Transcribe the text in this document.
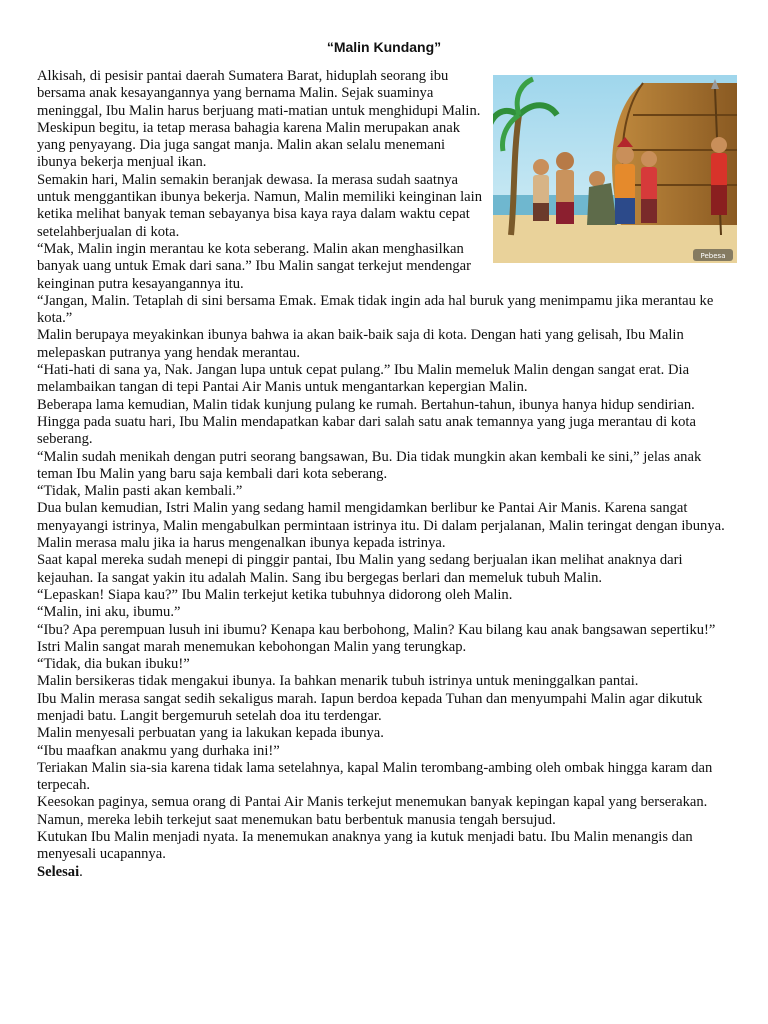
“Malin Kundang”
Pebesa

Alkisah, di pesisir pantai daerah Sumatera Barat, hiduplah seorang ibu bersama anak kesayangannya yang bernama Malin. Sejak suaminya meninggal, Ibu Malin harus berjuang mati-matian untuk menghidupi Malin. Meskipun begitu, ia tetap merasa bahagia karena Malin merupakan anak yang penyayang. Dia juga sangat manja. Malin akan selalu menemani ibunya bekerja menjual ikan.

Semakin hari, Malin semakin beranjak dewasa. Ia merasa sudah saatnya untuk menggantikan ibunya bekerja. Namun, Malin memiliki keinginan lain ketika melihat banyak teman sebayanya bisa kaya raya dalam waktu cepat setelahberjualan di kota.

“Mak, Malin ingin merantau ke kota seberang. Malin akan menghasilkan banyak uang untuk Emak dari sana.” Ibu Malin sangat terkejut mendengar keinginan putra kesayangannya itu.

“Jangan, Malin. Tetaplah di sini bersama Emak. Emak tidak ingin ada hal buruk yang menimpamu jika merantau ke kota.”

Malin berupaya meyakinkan ibunya bahwa ia akan baik-baik saja di kota. Dengan hati yang gelisah, Ibu Malin melepaskan putranya yang hendak merantau.

“Hati-hati di sana ya, Nak. Jangan lupa untuk cepat pulang.” Ibu Malin memeluk Malin dengan sangat erat. Dia melambaikan tangan di tepi Pantai Air Manis untuk mengantarkan kepergian Malin.

Beberapa lama kemudian, Malin tidak kunjung pulang ke rumah. Bertahun-tahun, ibunya hanya hidup sendirian. Hingga pada suatu hari, Ibu Malin mendapatkan kabar dari salah satu anak temannya yang juga merantau di kota seberang.

“Malin sudah menikah dengan putri seorang bangsawan, Bu. Dia tidak mungkin akan kembali ke sini,” jelas anak teman Ibu Malin yang baru saja kembali dari kota seberang.

“Tidak, Malin pasti akan kembali.”

Dua bulan kemudian, Istri Malin yang sedang hamil mengidamkan berlibur ke Pantai Air Manis. Karena sangat menyayangi istrinya, Malin mengabulkan permintaan istrinya itu. Di dalam perjalanan, Malin teringat dengan ibunya. Malin merasa malu jika ia harus mengenalkan ibunya kepada istrinya.

Saat kapal mereka sudah menepi di pinggir pantai, Ibu Malin yang sedang berjualan ikan melihat anaknya dari kejauhan. Ia sangat yakin itu adalah Malin. Sang ibu bergegas berlari dan memeluk tubuh Malin.

“Lepaskan! Siapa kau?” Ibu Malin terkejut ketika tubuhnya didorong oleh Malin.

“Malin, ini aku, ibumu.”

“Ibu? Apa perempuan lusuh ini ibumu? Kenapa kau berbohong, Malin? Kau bilang kau anak bangsawan sepertiku!” Istri Malin sangat marah menemukan kebohongan Malin yang terungkap.

“Tidak, dia bukan ibuku!”

Malin bersikeras tidak mengakui ibunya. Ia bahkan menarik tubuh istrinya untuk meninggalkan pantai.

Ibu Malin merasa sangat sedih sekaligus marah. Iapun berdoa kepada Tuhan dan menyumpahi Malin agar dikutuk menjadi batu. Langit bergemuruh setelah doa itu terdengar.

Malin menyesali perbuatan yang ia lakukan kepada ibunya.

“Ibu maafkan anakmu yang durhaka ini!”

Teriakan Malin sia-sia karena tidak lama setelahnya, kapal Malin terombang-ambing oleh ombak hingga karam dan terpecah.

Keesokan paginya, semua orang di Pantai Air Manis terkejut menemukan banyak kepingan kapal yang berserakan. Namun, mereka lebih terkejut saat menemukan batu berbentuk manusia tengah bersujud.

Kutukan Ibu Malin menjadi nyata. Ia menemukan anaknya yang ia kutuk menjadi batu. Ibu Malin menangis dan menyesali ucapannya.

Selesai.
